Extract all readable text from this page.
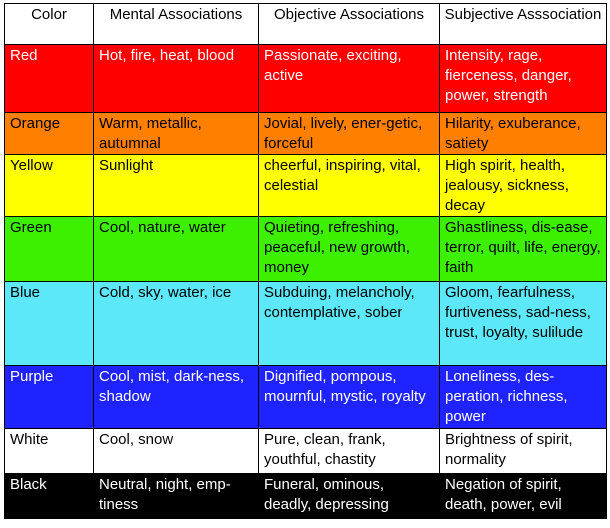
Color	Mental Associations	Objective Associations	Subjective Asssociation
Red	Hot, fire, heat, blood	Passionate, exciting, active	Intensity, rage, fierceness, danger, power, strength
Orange	Warm, metallic, autumnal	Jovial, lively, ener-getic, forceful	Hilarity, exuberance, satiety
Yellow	Sunlight	cheerful, inspiring, vital, celestial	High spirit, health, jealousy, sickness, decay
Green	Cool, nature, water	Quieting, refreshing, peaceful, new growth, money	Ghastliness, dis-ease, terror, quilt, life, energy, faith
Blue	Cold, sky, water, ice	Subduing, melancholy, contemplative, sober	Gloom, fearfulness, furtiveness, sad-ness, trust, loyalty, sulilude
Purple	Cool, mist, dark-ness, shadow	Dignified, pompous, mournful, mystic, royalty	Loneliness, des-peration, richness, power
White	Cool, snow	Pure, clean, frank, youthful, chastity	Brightness of spirit, normality
Black	Neutral, night, emp-tiness	Funeral, ominous, deadly, depressing	Negation of spirit, death, power, evil
